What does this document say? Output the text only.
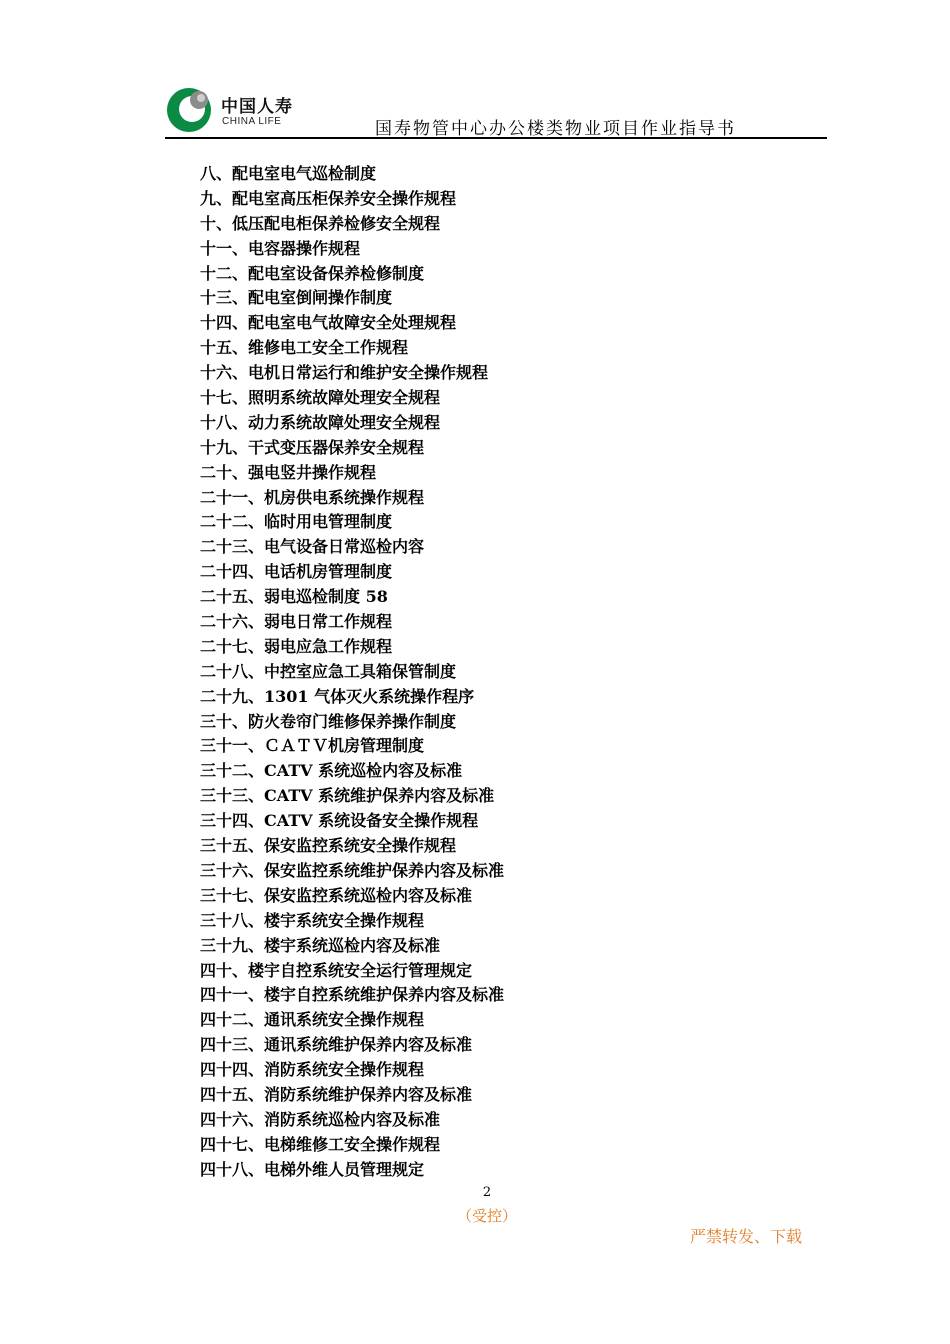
中国人寿
CHINA LIFE	国寿物管中心办公楼类物业项目作业指导书
八、配电室电气巡检制度
九、配电室高压柜保养安全操作规程
十、低压配电柜保养检修安全规程
十一、电容器操作规程
十二、配电室设备保养检修制度
十三、配电室倒闸操作制度
十四、配电室电气故障安全处理规程
十五、维修电工安全工作规程
十六、电机日常运行和维护安全操作规程
十七、照明系统故障处理安全规程
十八、动力系统故障处理安全规程
十九、干式变压器保养安全规程
二十、强电竖井操作规程
二十一、机房供电系统操作规程
二十二、临时用电管理制度
二十三、电气设备日常巡检内容
二十四、电话机房管理制度
二十五、弱电巡检制度 58
二十六、弱电日常工作规程
二十七、弱电应急工作规程
二十八、中控室应急工具箱保管制度
二十九、1301 气体灭火系统操作程序
三十、防火卷帘门维修保养操作制度
三十一、ＣＡＴＶ机房管理制度
三十二、CATV 系统巡检内容及标准
三十三、CATV 系统维护保养内容及标准
三十四、CATV 系统设备安全操作规程
三十五、保安监控系统安全操作规程
三十六、保安监控系统维护保养内容及标准
三十七、保安监控系统巡检内容及标准
三十八、楼宇系统安全操作规程
三十九、楼宇系统巡检内容及标准
四十、楼宇自控系统安全运行管理规定
四十一、楼宇自控系统维护保养内容及标准
四十二、通讯系统安全操作规程
四十三、通讯系统维护保养内容及标准
四十四、消防系统安全操作规程
四十五、消防系统维护保养内容及标准
四十六、消防系统巡检内容及标准
四十七、电梯维修工安全操作规程
四十八、电梯外维人员管理规定
2
（受控）
严禁转发、下载
